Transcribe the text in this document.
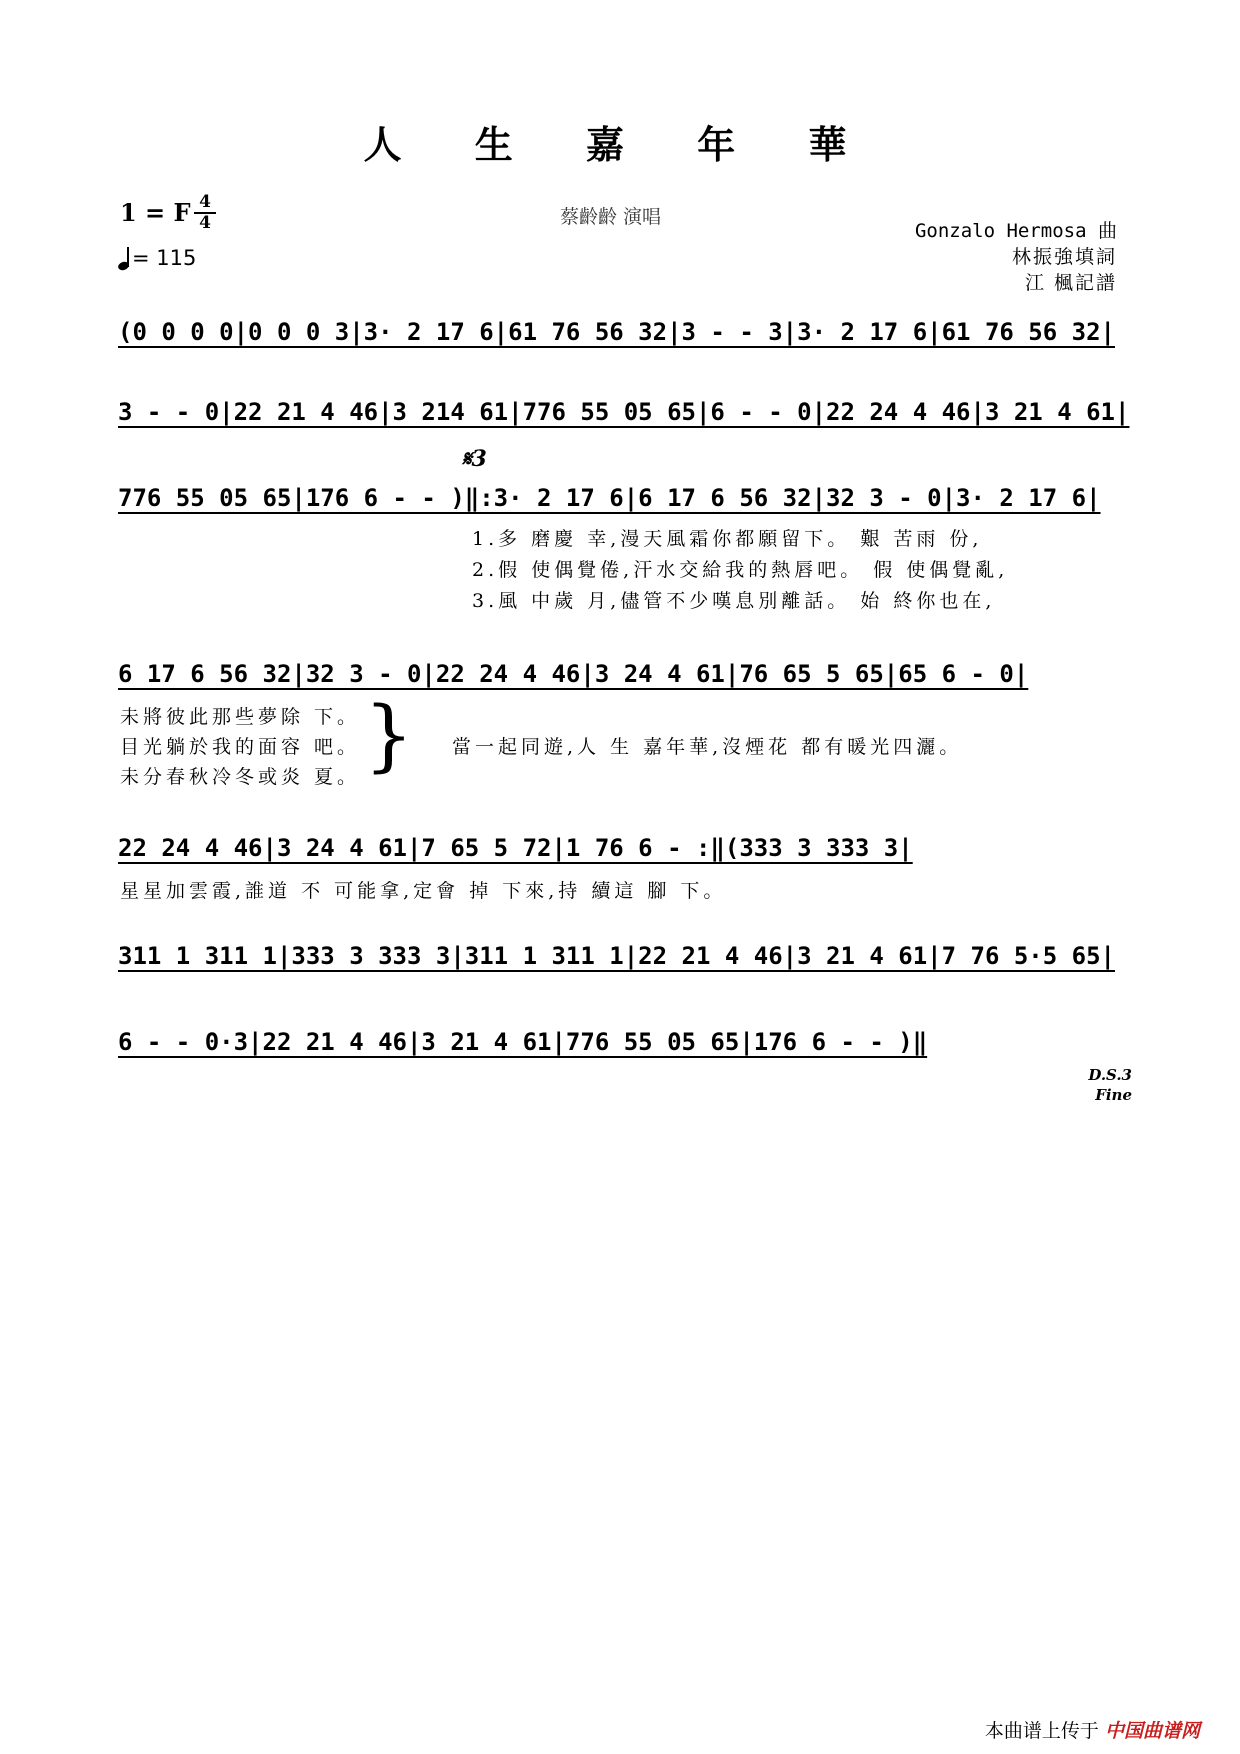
人 生 嘉 年 華
1 = F 4
4
= 115
蔡齡齡 演唱
Gonzalo Hermosa 曲
林振強填詞
江 楓記譜
(0 0 0 0|0 0 0 3|3· 2 17 6|61 76 56 32|3 - - 3|3· 2 17 6|61 76 56 32|
3 - - 0|22 21 4 46|3 214 61|776 55 05 65|6 - - 0|22 24 4 46|3 21 4 61|
𝄋3
776 55 05 65|176 6 - - )‖:3· 2 17 6|6 17 6 56 32|32 3 - 0|3· 2 17 6|
1.多 磨慶 幸,漫天風霜你都願留下。 艱 苦雨 份,
2.假 使偶覺倦,汗水交給我的熱唇吧。 假 使偶覺亂,
3.風 中歲 月,儘管不少嘆息別離話。 始 終你也在,
6 17 6 56 32|32 3 - 0|22 24 4 46|3 24 4 61|76 65 5 65|65 6 - 0|
未將彼此那些夢除 下。
目光躺於我的面容 吧。
未分春秋冷冬或炎 夏。 } 當一起同遊,人 生 嘉年華,沒煙花 都有暖光四灑。
22 24 4 46|3 24 4 61|7 65 5 72|1 76 6 - :‖(333 3 333 3|
星星加雲霞,誰道 不 可能拿,定會 掉 下來,持 續這 腳 下。
311 1 311 1|333 3 333 3|311 1 311 1|22 21 4 46|3 21 4 61|7 76 5·5 65|
6 - - 0·3|22 21 4 46|3 21 4 61|776 55 05 65|176 6 - - )‖
D.S.3
Fine
本曲谱上传于 中国曲谱网
